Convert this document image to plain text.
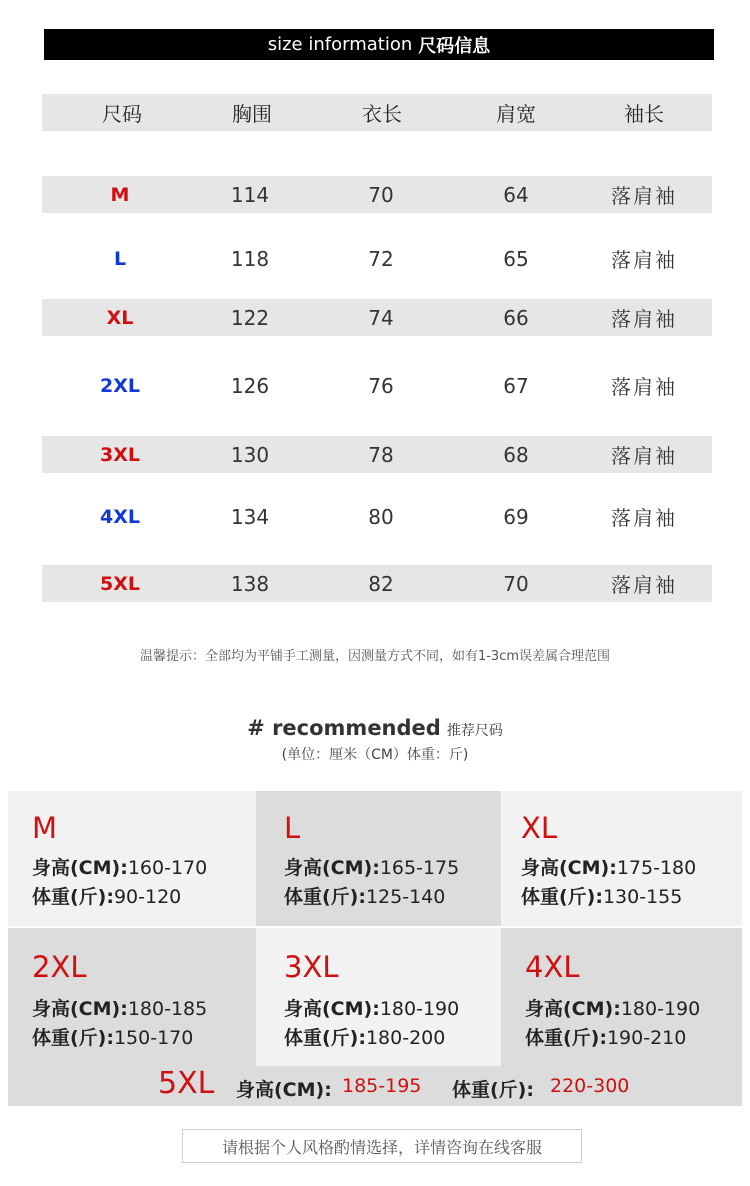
size information 尺码信息
尺码	胸围	衣长	肩宽	袖长
M	114	70	64	落肩袖
L	118	72	65	落肩袖
XL	122	74	66	落肩袖
2XL	126	76	67	落肩袖
3XL	130	78	68	落肩袖
4XL	134	80	69	落肩袖
5XL	138	82	70	落肩袖
温馨提示：全部均为平铺手工测量，因测量方式不同，如有1-3cm误差属合理范围
# recommended 推荐尺码
(单位：厘米（CM）体重：斤)
M
身高(CM):160-170
体重(斤):90-120
L
身高(CM):165-175
体重(斤):125-140
XL
身高(CM):175-180
体重(斤):130-155
2XL
身高(CM):180-185
体重(斤):150-170
3XL
身高(CM):180-190
体重(斤):180-200
4XL
身高(CM):180-190
体重(斤):190-210
5XL 身高(CM): 185-195 体重(斤): 220-300
请根据个人风格酌情选择，详情咨询在线客服
